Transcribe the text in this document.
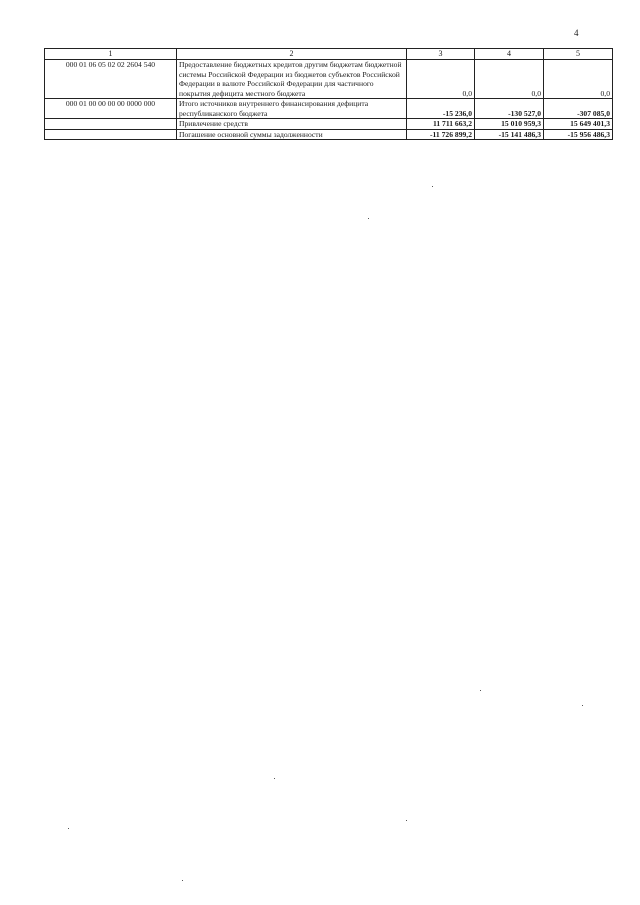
4
1	2	3	4	5
000 01 06 05 02 02 2604 540	Предоставление бюджетных кредитов другим бюджетам бюджетной системы Российской Федерации из бюджетов субъектов Российской Федерации в валюте Российской Федерации для частичного покрытия дефицита местного бюджета	0,0	0,0	0,0
000 01 00 00 00 00 0000 000	Итого источников внутреннего финансирования дефицита республиканского бюджета	-15 236,0	-130 527,0	-307 085,0
	Привлечение средств	11 711 663,2	15 010 959,3	15 649 401,3
	Погашение основной суммы задолженности	-11 726 899,2	-15 141 486,3	-15 956 486,3
